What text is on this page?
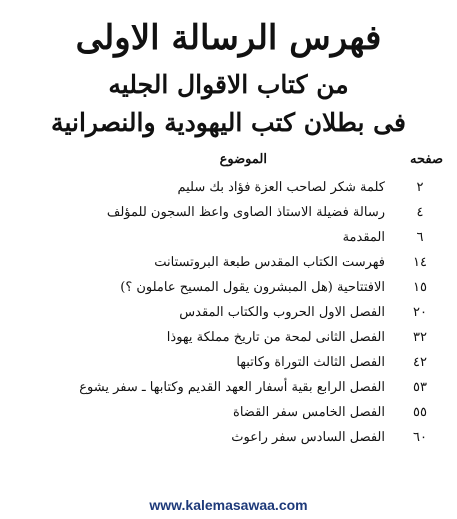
فهرس الرسالة الاولى
من كتاب الاقوال الجليه
فى بطلان كتب اليهودية والنصرانية
صفحه
الموضوع
٢
كلمة شكر لصاحب العزة فؤاد بك سليم
٤
رسالة فضيلة الاستاذ الصاوى واعظ السجون للمؤلف
٦
المقدمة
١٤
فهرست الكتاب المقدس طبعة البروتستانت
١٥
الافتتاحية (هل المبشرون يقول المسيح عاملون ؟)
٢٠
الفصل الاول الحروب والكتاب المقدس
٣٢
الفصل الثانى لمحة من تاريخ مملكة يهوذا
٤٢
الفصل الثالث التوراة وكاتبها
٥٣
الفصل الرابع بقية أسفار العهد القديم وكتابها ـ سفر يشوع
٥٥
الفصل الخامس سفر القضاة
٦٠
الفصل السادس سفر راعوث
www.kalemasawaa.com
